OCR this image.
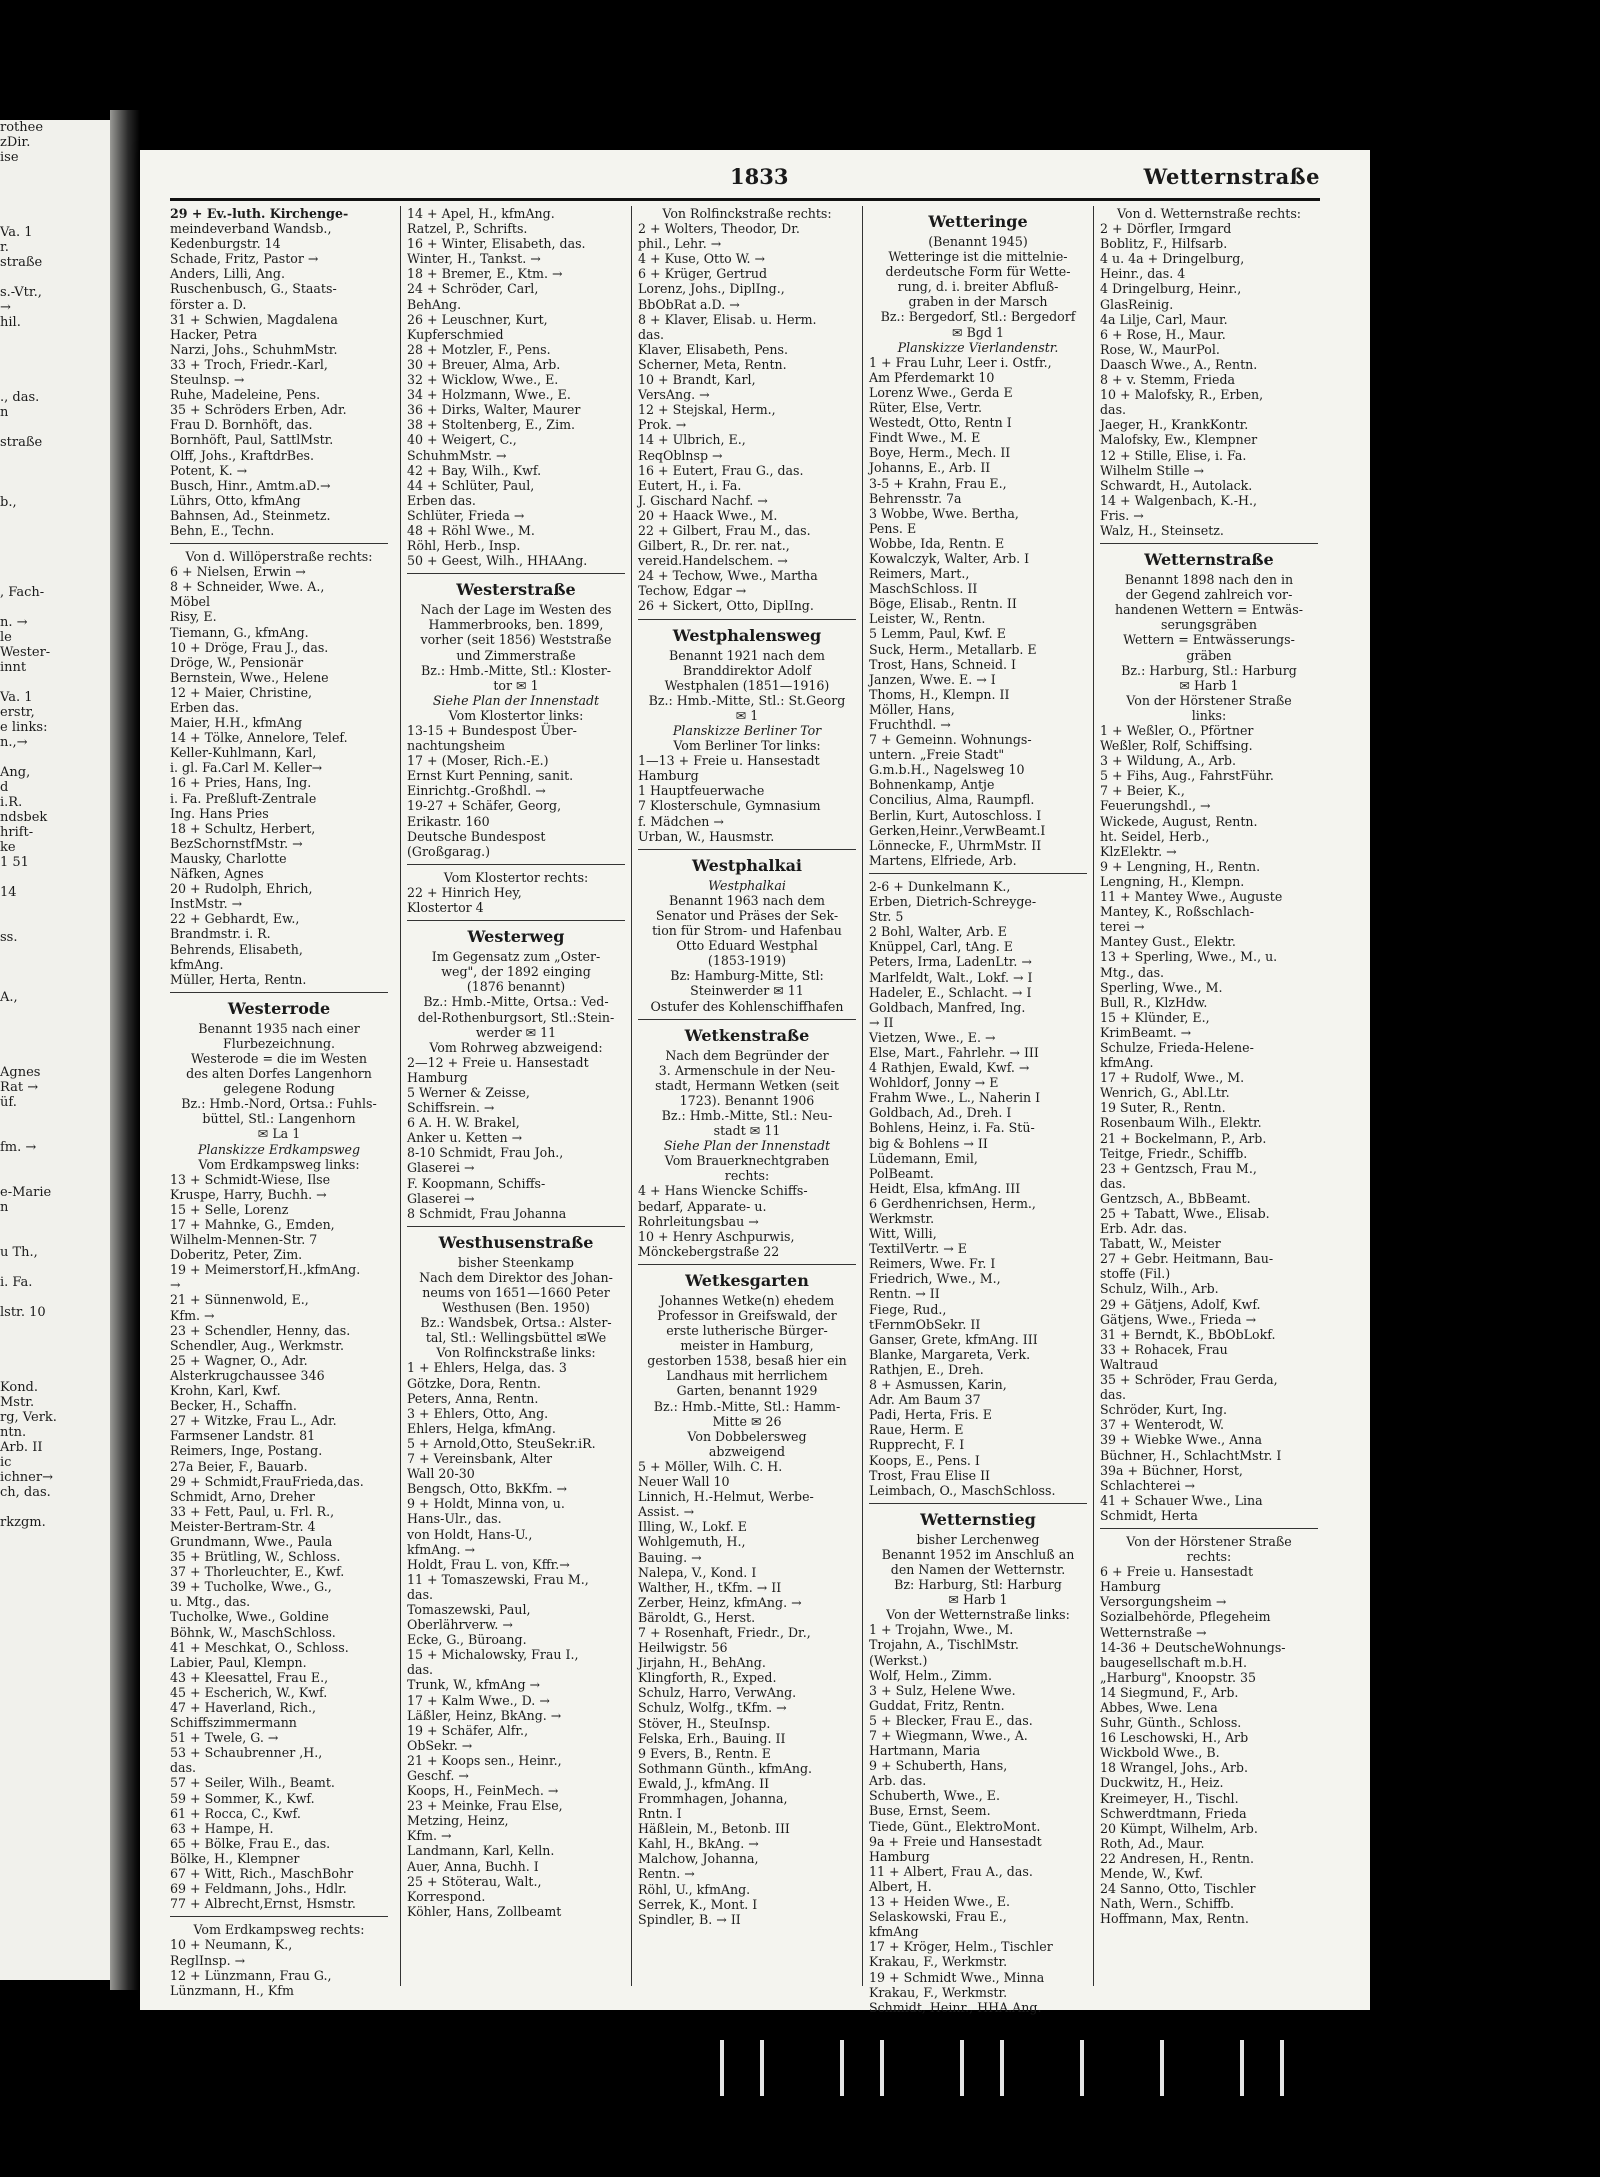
rothee
zDir.
ise

Va. 1
r.
straße

s.-Vtr.,
→
hil.

., das.
n

straße

b.,

, Fach-

n. →
le
Wester-
innt

Va. 1
erstr,
e links:
n.,→

Ang,
d
i.R.
ndsbek
hrift-
ke
1 51

14

ss.

A.,

Agnes
Rat →
üf.

fm. →

e-Marie
n

u Th.,

i. Fa.

lstr. 10

Kond.
Mstr.
rg, Verk.
ntn.
Arb. II
ic
ichner→
ch, das.

rkzgm.
1833	Wetternstraße
29 + Ev.-luth. Kirchenge-
meindeverband Wandsb.,
Kedenburgstr. 14
Schade, Fritz, Pastor →
Anders, Lilli, Ang.
Ruschenbusch, G., Staats-
förster a. D.
31 + Schwien, Magdalena
Hacker, Petra
Narzi, Johs., SchuhmMstr.
33 + Troch, Friedr.-Karl,
Steulnsp. →
Ruhe, Madeleine, Pens.
35 + Schröders Erben, Adr.
Frau D. Bornhöft, das.
Bornhöft, Paul, SattlMstr.
Olff, Johs., KraftdrBes.
Potent, K. →
Busch, Hinr., Amtm.aD.→
Lührs, Otto, kfmAng
Bahnsen, Ad., Steinmetz.
Behn, E., Techn.
Von d. Willöperstraße rechts:
6 + Nielsen, Erwin →
8 + Schneider, Wwe. A.,
Möbel
Risy, E.
Tiemann, G., kfmAng.
10 + Dröge, Frau J., das.
Dröge, W., Pensionär
Bernstein, Wwe., Helene
12 + Maier, Christine,
Erben das.
Maier, H.H., kfmAng
14 + Tölke, Annelore, Telef.
Keller-Kuhlmann, Karl,
i. gl. Fa.Carl M. Keller→
16 + Pries, Hans, Ing.
i. Fa. Preßluft-Zentrale
Ing. Hans Pries
18 + Schultz, Herbert,
BezSchornstfMstr. →
Mausky, Charlotte
Näfken, Agnes
20 + Rudolph, Ehrich,
InstMstr. →
22 + Gebhardt, Ew.,
Brandmstr. i. R.
Behrends, Elisabeth,
kfmAng.
Müller, Herta, Rentn.
Westerrode
Benannt 1935 nach einer
Flurbezeichnung.
Westerode = die im Westen
des alten Dorfes Langenhorn
gelegene Rodung
Bz.: Hmb.-Nord, Ortsa.: Fuhls-
büttel, Stl.: Langenhorn
✉ La 1
Planskizze Erdkampsweg
Vom Erdkampsweg links:
13 + Schmidt-Wiese, Ilse
Kruspe, Harry, Buchh. →
15 + Selle, Lorenz
17 + Mahnke, G., Emden,
Wilhelm-Mennen-Str. 7
Doberitz, Peter, Zim.
19 + Meimerstorf,H.,kfmAng.
→
21 + Sünnenwold, E.,
Kfm. →
23 + Schendler, Henny, das.
Schendler, Aug., Werkmstr.
25 + Wagner, O., Adr.
Alsterkrugchaussee 346
Krohn, Karl, Kwf.
Becker, H., Schaffn.
27 + Witzke, Frau L., Adr.
Farmsener Landstr. 81
Reimers, Inge, Postang.
27a Beier, F., Bauarb.
29 + Schmidt,FrauFrieda,das.
Schmidt, Arno, Dreher
33 + Fett, Paul, u. Frl. R.,
Meister-Bertram-Str. 4
Grundmann, Wwe., Paula
35 + Brütling, W., Schloss.
37 + Thorleuchter, E., Kwf.
39 + Tucholke, Wwe., G.,
u. Mtg., das.
Tucholke, Wwe., Goldine
Böhnk, W., MaschSchloss.
41 + Meschkat, O., Schloss.
Labier, Paul, Klempn.
43 + Kleesattel, Frau E.,
45 + Escherich, W., Kwf.
47 + Haverland, Rich.,
Schiffszimmermann
51 + Twele, G. →
53 + Schaubrenner ,H.,
das.
57 + Seiler, Wilh., Beamt.
59 + Sommer, K., Kwf.
61 + Rocca, C., Kwf.
63 + Hampe, H.
65 + Bölke, Frau E., das.
Bölke, H., Klempner
67 + Witt, Rich., MaschBohr
69 + Feldmann, Johs., Hdlr.
77 + Albrecht,Ernst, Hsmstr.
Vom Erdkampsweg rechts:
10 + Neumann, K.,
ReglInsp. →
12 + Lünzmann, Frau G.,
Lünzmann, H., Kfm
14 + Apel, H., kfmAng.
Ratzel, P., Schrifts.
16 + Winter, Elisabeth, das.
Winter, H., Tankst. →
18 + Bremer, E., Ktm. →
24 + Schröder, Carl,
BehAng.
26 + Leuschner, Kurt,
Kupferschmied
28 + Motzler, F., Pens.
30 + Breuer, Alma, Arb.
32 + Wicklow, Wwe., E.
34 + Holzmann, Wwe., E.
36 + Dirks, Walter, Maurer
38 + Stoltenberg, E., Zim.
40 + Weigert, C.,
SchuhmMstr. →
42 + Bay, Wilh., Kwf.
44 + Schlüter, Paul,
Erben das.
Schlüter, Frieda →
48 + Röhl Wwe., M.
Röhl, Herb., Insp.
50 + Geest, Wilh., HHAAng.
Westerstraße
Nach der Lage im Westen des
Hammerbrooks, ben. 1899,
vorher (seit 1856) Weststraße
und Zimmerstraße
Bz.: Hmb.-Mitte, Stl.: Kloster-
tor ✉ 1
Siehe Plan der Innenstadt
Vom Klostertor links:
13-15 + Bundespost Über-
nachtungsheim
17 + (Moser, Rich.-E.)
Ernst Kurt Penning, sanit.
Einrichtg.-Großhdl. →
19-27 + Schäfer, Georg,
Erikastr. 160
Deutsche Bundespost
(Großgarag.)
Vom Klostertor rechts:
22 + Hinrich Hey,
Klostertor 4
Westerweg
Im Gegensatz zum „Oster-
weg", der 1892 einging
(1876 benannt)
Bz.: Hmb.-Mitte, Ortsa.: Ved-
del-Rothenburgsort, Stl.:Stein-
werder ✉ 11
Vom Rohrweg abzweigend:
2—12 + Freie u. Hansestadt
Hamburg
5 Werner & Zeisse,
Schiffsrein. →
6 A. H. W. Brakel,
Anker u. Ketten →
8-10 Schmidt, Frau Joh.,
Glaserei →
F. Koopmann, Schiffs-
Glaserei →
8 Schmidt, Frau Johanna
Westhusenstraße
bisher Steenkamp
Nach dem Direktor des Johan-
neums von 1651—1660 Peter
Westhusen (Ben. 1950)
Bz.: Wandsbek, Ortsa.: Alster-
tal, Stl.: Wellingsbüttel ✉We
Von Rolfinckstraße links:
1 + Ehlers, Helga, das. 3
Götzke, Dora, Rentn.
Peters, Anna, Rentn.
3 + Ehlers, Otto, Ang.
Ehlers, Helga, kfmAng.
5 + Arnold,Otto, SteuSekr.iR.
7 + Vereinsbank, Alter
Wall 20-30
Bengsch, Otto, BkKfm. →
9 + Holdt, Minna von, u.
Hans-Ulr., das.
von Holdt, Hans-U.,
kfmAng. →
Holdt, Frau L. von, Kffr.→
11 + Tomaszewski, Frau M.,
das.
Tomaszewski, Paul,
Oberlährverw. →
Ecke, G., Büroang.
15 + Michalowsky, Frau I.,
das.
Trunk, W., kfmAng →
17 + Kalm Wwe., D. →
Läßler, Heinz, BkAng. →
19 + Schäfer, Alfr.,
ObSekr. →
21 + Koops sen., Heinr.,
Geschf. →
Koops, H., FeinMech. →
23 + Meinke, Frau Else,
Metzing, Heinz,
Kfm. →
Landmann, Karl, Kelln.
Auer, Anna, Buchh. I
25 + Stöterau, Walt.,
Korrespond.
Köhler, Hans, Zollbeamt
Von Rolfinckstraße rechts:
2 + Wolters, Theodor, Dr.
phil., Lehr. →
4 + Kuse, Otto W. →
6 + Krüger, Gertrud
Lorenz, Johs., DiplIng.,
BbObRat a.D. →
8 + Klaver, Elisab. u. Herm.
das.
Klaver, Elisabeth, Pens.
Scherner, Meta, Rentn.
10 + Brandt, Karl,
VersAng. →
12 + Stejskal, Herm.,
Prok. →
14 + Ulbrich, E.,
ReqOblnsp →
16 + Eutert, Frau G., das.
Eutert, H., i. Fa.
J. Gischard Nachf. →
20 + Haack Wwe., M.
22 + Gilbert, Frau M., das.
Gilbert, R., Dr. rer. nat.,
vereid.Handelschem. →
24 + Techow, Wwe., Martha
Techow, Edgar →
26 + Sickert, Otto, DiplIng.
Westphalensweg
Benannt 1921 nach dem
Branddirektor Adolf
Westphalen (1851—1916)
Bz.: Hmb.-Mitte, Stl.: St.Georg
✉ 1
Planskizze Berliner Tor
Vom Berliner Tor links:
1—13 + Freie u. Hansestadt
Hamburg
1 Hauptfeuerwache
7 Klosterschule, Gymnasium
f. Mädchen →
Urban, W., Hausmstr.
Westphalkai
Westphalkai
Benannt 1963 nach dem
Senator und Präses der Sek-
tion für Strom- und Hafenbau
Otto Eduard Westphal
(1853-1919)
Bz: Hamburg-Mitte, Stl:
Steinwerder ✉ 11
Ostufer des Kohlenschiffhafen
Wetkenstraße
Nach dem Begründer der
3. Armenschule in der Neu-
stadt, Hermann Wetken (seit
1723). Benannt 1906
Bz.: Hmb.-Mitte, Stl.: Neu-
stadt ✉ 11
Siehe Plan der Innenstadt
Vom Brauerknechtgraben
rechts:
4 + Hans Wiencke Schiffs-
bedarf, Apparate- u.
Rohrleitungsbau →
10 + Henry Aschpurwis,
Mönckebergstraße 22
Wetkesgarten
Johannes Wetke(n) ehedem
Professor in Greifswald, der
erste lutherische Bürger-
meister in Hamburg,
gestorben 1538, besaß hier ein
Landhaus mit herrlichem
Garten, benannt 1929
Bz.: Hmb.-Mitte, Stl.: Hamm-
Mitte ✉ 26
Von Dobbelersweg
abzweigend
5 + Möller, Wilh. C. H.
Neuer Wall 10
Linnich, H.-Helmut, Werbe-
Assist. →
Illing, W., Lokf. E
Wohlgemuth, H.,
Bauing. →
Nalepa, V., Kond. I
Walther, H., tKfm. → II
Zerber, Heinz, kfmAng. →
Bäroldt, G., Herst.
7 + Rosenhaft, Friedr., Dr.,
Heilwigstr. 56
Jirjahn, H., BehAng.
Klingforth, R., Exped.
Schulz, Harro, VerwAng.
Schulz, Wolfg., tKfm. →
Stöver, H., SteuInsp.
Felska, Erh., Bauing. II
9 Evers, B., Rentn. E
Sothmann Günth., kfmAng.
Ewald, J., kfmAng. II
Frommhagen, Johanna,
Rntn. I
Häßlein, M., Betonb. III
Kahl, H., BkAng. →
Malchow, Johanna,
Rentn. →
Röhl, U., kfmAng.
Serrek, K., Mont. I
Spindler, B. → II
Wetteringe
(Benannt 1945)
Wetteringe ist die mittelnie-
derdeutsche Form für Wette-
rung, d. i. breiter Abfluß-
graben in der Marsch
Bz.: Bergedorf, Stl.: Bergedorf
✉ Bgd 1
Planskizze Vierlandenstr.
1 + Frau Luhr, Leer i. Ostfr.,
Am Pferdemarkt 10
Lorenz Wwe., Gerda E
Rüter, Else, Vertr.
Westedt, Otto, Rentn I
Findt Wwe., M. E
Boye, Herm., Mech. II
Johanns, E., Arb. II
3-5 + Krahn, Frau E.,
Behrensstr. 7a
3 Wobbe, Wwe. Bertha,
Pens. E
Wobbe, Ida, Rentn. E
Kowalczyk, Walter, Arb. I
Reimers, Mart.,
MaschSchloss. II
Böge, Elisab., Rentn. II
Leister, W., Rentn.
5 Lemm, Paul, Kwf. E
Suck, Herm., Metallarb. E
Trost, Hans, Schneid. I
Janzen, Wwe. E. → I
Thoms, H., Klempn. II
Möller, Hans,
Fruchthdl. →
7 + Gemeinn. Wohnungs-
untern. „Freie Stadt"
G.m.b.H., Nagelsweg 10
Bohnenkamp, Antje
Concilius, Alma, Raumpfl.
Berlin, Kurt, Autoschloss. I
Gerken,Heinr.,VerwBeamt.I
Lönnecke, F., UhrmMstr. II
Martens, Elfriede, Arb.
2-6 + Dunkelmann K.,
Erben, Dietrich-Schreyge-
Str. 5
2 Bohl, Walter, Arb. E
Knüppel, Carl, tAng. E
Peters, Irma, LadenLtr. →
Marlfeldt, Walt., Lokf. → I
Hadeler, E., Schlacht. → I
Goldbach, Manfred, Ing.
→ II
Vietzen, Wwe., E. →
Else, Mart., Fahrlehr. → III
4 Rathjen, Ewald, Kwf. →
Wohldorf, Jonny → E
Frahm Wwe., L., Naherin I
Goldbach, Ad., Dreh. I
Bohlens, Heinz, i. Fa. Stü-
big & Bohlens → II
Lüdemann, Emil,
PolBeamt.
Heidt, Elsa, kfmAng. III
6 Gerdhenrichsen, Herm.,
Werkmstr.
Witt, Willi,
TextilVertr. → E
Reimers, Wwe. Fr. I
Friedrich, Wwe., M.,
Rentn. → II
Fiege, Rud.,
tFernmObSekr. II
Ganser, Grete, kfmAng. III
Blanke, Margareta, Verk.
Rathjen, E., Dreh.
8 + Asmussen, Karin,
Adr. Am Baum 37
Padi, Herta, Fris. E
Raue, Herm. E
Rupprecht, F. I
Koops, E., Pens. I
Trost, Frau Elise II
Leimbach, O., MaschSchloss.
Wetternstieg
bisher Lerchenweg
Benannt 1952 im Anschluß an
den Namen der Wetternstr.
Bz: Harburg, Stl: Harburg
✉ Harb 1
Von der Wetternstraße links:
1 + Trojahn, Wwe., M.
Trojahn, A., TischlMstr.
(Werkst.)
Wolf, Helm., Zimm.
3 + Sulz, Helene Wwe.
Guddat, Fritz, Rentn.
5 + Blecker, Frau E., das.
7 + Wiegmann, Wwe., A.
Hartmann, Maria
9 + Schuberth, Hans,
Arb. das.
Schuberth, Wwe., E.
Buse, Ernst, Seem.
Tiede, Günt., ElektroMont.
9a + Freie und Hansestadt
Hamburg
11 + Albert, Frau A., das.
Albert, H.
13 + Heiden Wwe., E.
Selaskowski, Frau E.,
kfmAng
17 + Kröger, Helm., Tischler
Krakau, F., Werkmstr.
19 + Schmidt Wwe., Minna
Krakau, F., Werkmstr.
Schmidt, Heinr., HHA.Ang.
Von d. Wetternstraße rechts:
2 + Dörfler, Irmgard
Boblitz, F., Hilfsarb.
4 u. 4a + Dringelburg,
Heinr., das. 4
4 Dringelburg, Heinr.,
GlasReinig.
4a Lilje, Carl, Maur.
6 + Rose, H., Maur.
Rose, W., MaurPol.
Daasch Wwe., A., Rentn.
8 + v. Stemm, Frieda
10 + Malofsky, R., Erben,
das.
Jaeger, H., KrankKontr.
Malofsky, Ew., Klempner
12 + Stille, Elise, i. Fa.
Wilhelm Stille →
Schwardt, H., Autolack.
14 + Walgenbach, K.-H.,
Fris. →
Walz, H., Steinsetz.
Wetternstraße
Benannt 1898 nach den in
der Gegend zahlreich vor-
handenen Wettern = Entwäs-
serungsgräben
Wettern = Entwässerungs-
gräben
Bz.: Harburg, Stl.: Harburg
✉ Harb 1
Von der Hörstener Straße
links:
1 + Weßler, O., Pförtner
Weßler, Rolf, Schiffsing.
3 + Wildung, A., Arb.
5 + Fihs, Aug., FahrstFühr.
7 + Beier, K.,
Feuerungshdl., →
Wickede, August, Rentn.
ht. Seidel, Herb.,
KlzElektr. →
9 + Lengning, H., Rentn.
Lengning, H., Klempn.
11 + Mantey Wwe., Auguste
Mantey, K., Roßschlach-
terei →
Mantey Gust., Elektr.
13 + Sperling, Wwe., M., u.
Mtg., das.
Sperling, Wwe., M.
Bull, R., KlzHdw.
15 + Klünder, E.,
KrimBeamt. →
Schulze, Frieda-Helene-
kfmAng.
17 + Rudolf, Wwe., M.
Wenrich, G., Abl.Ltr.
19 Suter, R., Rentn.
Rosenbaum Wilh., Elektr.
21 + Bockelmann, P., Arb.
Teitge, Friedr., Schiffb.
23 + Gentzsch, Frau M.,
das.
Gentzsch, A., BbBeamt.
25 + Tabatt, Wwe., Elisab.
Erb. Adr. das.
Tabatt, W., Meister
27 + Gebr. Heitmann, Bau-
stoffe (Fil.)
Schulz, Wilh., Arb.
29 + Gätjens, Adolf, Kwf.
Gätjens, Wwe., Frieda →
31 + Berndt, K., BbObLokf.
33 + Rohacek, Frau
Waltraud
35 + Schröder, Frau Gerda,
das.
Schröder, Kurt, Ing.
37 + Wenterodt, W.
39 + Wiebke Wwe., Anna
Büchner, H., SchlachtMstr. I
39a + Büchner, Horst,
Schlachterei →
41 + Schauer Wwe., Lina
Schmidt, Herta
Von der Hörstener Straße
rechts:
6 + Freie u. Hansestadt
Hamburg
Versorgungsheim →
Sozialbehörde, Pflegeheim
Wetternstraße →
14-36 + DeutscheWohnungs-
baugesellschaft m.b.H.
„Harburg", Knoopstr. 35
14 Siegmund, F., Arb.
Abbes, Wwe. Lena
Suhr, Günth., Schloss.
16 Leschowski, H., Arb
Wickbold Wwe., B.
18 Wrangel, Johs., Arb.
Duckwitz, H., Heiz.
Kreimeyer, H., Tischl.
Schwerdtmann, Frieda
20 Kümpt, Wilhelm, Arb.
Roth, Ad., Maur.
22 Andresen, H., Rentn.
Mende, W., Kwf.
24 Sanno, Otto, Tischler
Nath, Wern., Schiffb.
Hoffmann, Max, Rentn.
